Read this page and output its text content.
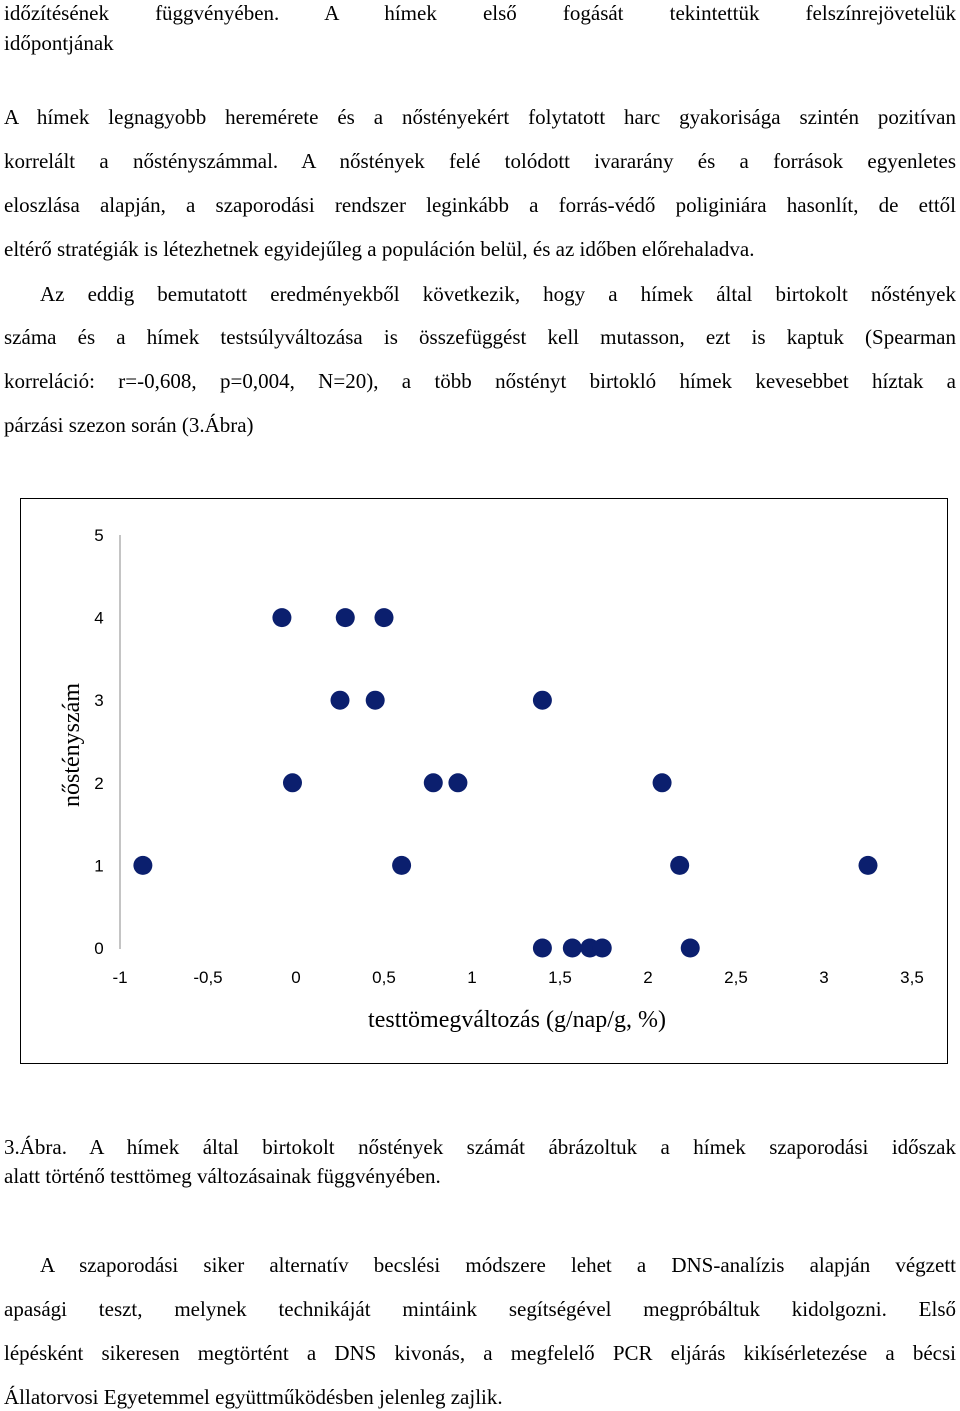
időzítésének függvényében. A hímek első fogását tekintettük felszínrejövetelük
időpontjának
A hímek legnagyobb heremérete és a nőstényekért folytatott harc gyakorisága szintén pozitívan
korrelált a nőstényszámmal. A nőstények felé tolódott ivararány és a források egyenletes
eloszlása alapján, a szaporodási rendszer leginkább a forrás-védő poliginiára hasonlít, de ettől
eltérő stratégiák is létezhetnek egyidejűleg a populáción belül, és az időben előrehaladva.
Az eddig bemutatott eredményekből következik, hogy a hímek által birtokolt nőstények
száma és a hímek testsúlyváltozása is összefüggést kell mutasson, ezt is kaptuk (Spearman
korreláció: r=-0,608, p=0,004, N=20), a több nőstényt birtokló hímek kevesebbet híztak a
párzási szezon során (3.Ábra)
5
4
3
2
1
0
-1	-0,5	0	0,5	1	1,5	2	2,5	3	3,5
testtömegváltozás (g/nap/g, %)
nőstényszám
3.Ábra. A hímek által birtokolt nőstények számát ábrázoltuk a hímek szaporodási időszak
alatt történő testtömeg változásainak függvényében.
A szaporodási siker alternatív becslési módszere lehet a DNS-analízis alapján végzett
apasági teszt, melynek technikáját mintáink segítségével megpróbáltuk kidolgozni. Első
lépésként sikeresen megtörtént a DNS kivonás, a megfelelő PCR eljárás kikísérletezése a bécsi
Állatorvosi Egyetemmel együttműködésben jelenleg zajlik.
